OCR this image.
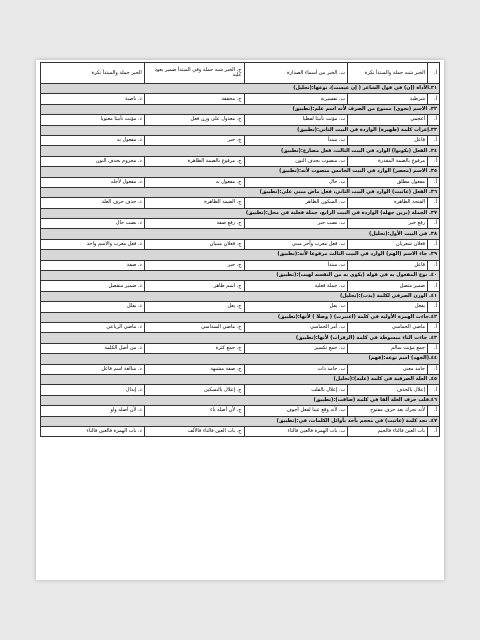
أ.	الخبر شبه جملة والمبتدأ نكرة	ب. الخبر من أسماء الصدارة	ج. الخبر شبه جملة وفي المبتدأ ضمير يعود عليه	الخبر جملة والمبتدأ نكرة
٣١.الأداة (إن) في قول الشاعر ( إن عيست)، نوعها:(تحليل)				
أ.	شرطية	ب. تفسيرية	ج. مخففة	د. ناصبة
٣٢. الاسم (نجوى) ممنوع من الصرف لأنه اسم علم:(تطبيق)				
أ.	أعجمي	ب. مؤنث تأنيثا لفظيا	ج. معدول على وزن فعل	د. مؤنث تأنيثا معنويا
٣٣.إعراب كلمة (ظهيرة) الواردة في البيت الثاني:(تطبيق)				
أ.	فاعل	ب. مبتدأ	ج. خبر	د. مفعول به
٣٤. الفعل (يكونوا) الوارد في البيت الثالث، فعل مضارع:(تطبيق)				
أ.	مرفوع بالضمة المقدرة	ب. منصوب بحذف النون	ج. مرفوع بالضمة الظاهرة	د. مجزوم بحذف النون
٣٥. الاسم (معصر) الوارد في البيت الخامس منصوب لأنه:(تطبيق)				
أ.	مفعول مطلق	ب. حال	ج. مفعول به	د. مفعول لأجله
٣٦. الفعل (عاتبت) الوارد في البيت الثاني، فعل ماض مبني على:(تطبيق)				
أ.	الفتحة الظاهرة	ب. السكون الظاهر	ج. الضمة الظاهرة	د. حذف حرف العلة
٣٧. الجملة (يزين جهله) الواردة في البيت الرابع، جملة فعلية في محل:(تطبيق)				
أ.	رفع خبر	ب. نصب خبر	ج. رفع صفة	د. نصب حال
٣٨. في البيت الأول:(تحليل)				
أ.	فعلان شعريان	ب. فعل معرب وآخر مبني	ج. فعلان مبنيان	د. فعل معرب والاسم واحد
٣٩. جاء الاسم (الهم) الوارد في البيت الثالث مرفوعا لأنه:(تطبيق)				
أ.	فاعل	ب. مبتدأ	ج. خبر	د. صفة
٤٠. نوع المفعول به في قوله (يكوى به من النفسه لهيب):(تطبيق)				
أ.	ضمير متصل	ب. جملة فعلية	ج. اسم ظاهر	د. ضمير منفصل
٤١. الوزن الصرفي لكلمة (يذب):(تحليل)				
أ.	يفعل	ب. يفل	ج. يعل	د. يفلل
٤٢.جاءت الهمزة الأولية في كلمة (اعتبرت) ( وصلا ) لأنها:(تطبيق)				
أ.	ماضي الخماسي	ب. أمر الخماسي	ج. ماضي السداسي	د. ماضي الرباعي
٤٣. جاءت التاء مبسوطة في كلمة (الزفرات) لأنها:(تطبيق)				
أ.	جمع مؤنث سالم	ب. جمع تكسير	ج. جمع كثرة	د. من أصل الكلمة
٤٤.(الجهد) اسم نوعه:(فهم)				
أ.	جامد معنى	ب. جامد ذات	ج. صفة مشبهة	د. مبالغة اسم فاعل
٤٥. العلة الصرفية في كلمة (عليه):(تحليل)				
أ.	إعلال بالحذف	ب. إعلال بالقلب	ج. إعلال بالتسكين	د. إبدال
٤٦.قلب حرف العلة ألفا في كلمة (ضاقت):(تطبيق)				
أ.	لأنه تحرك بعد حرف مفتوح	ب. لأنه وقع عينا لفعل أجوف	ج. لأن أصله ياء	د. لأن أصله واو
٤٧. نجد كلمة (عاتبت) في معجم يأخذ بأوائل الكلمات، في:(تطبيق)				
أ.	باب العين فالتاء فالجيم	ب. باب الهمزة فالعين فالتاء	ج. باب العين فالتاء فالألف	د. باب الهمزة فالعين فالتاء
